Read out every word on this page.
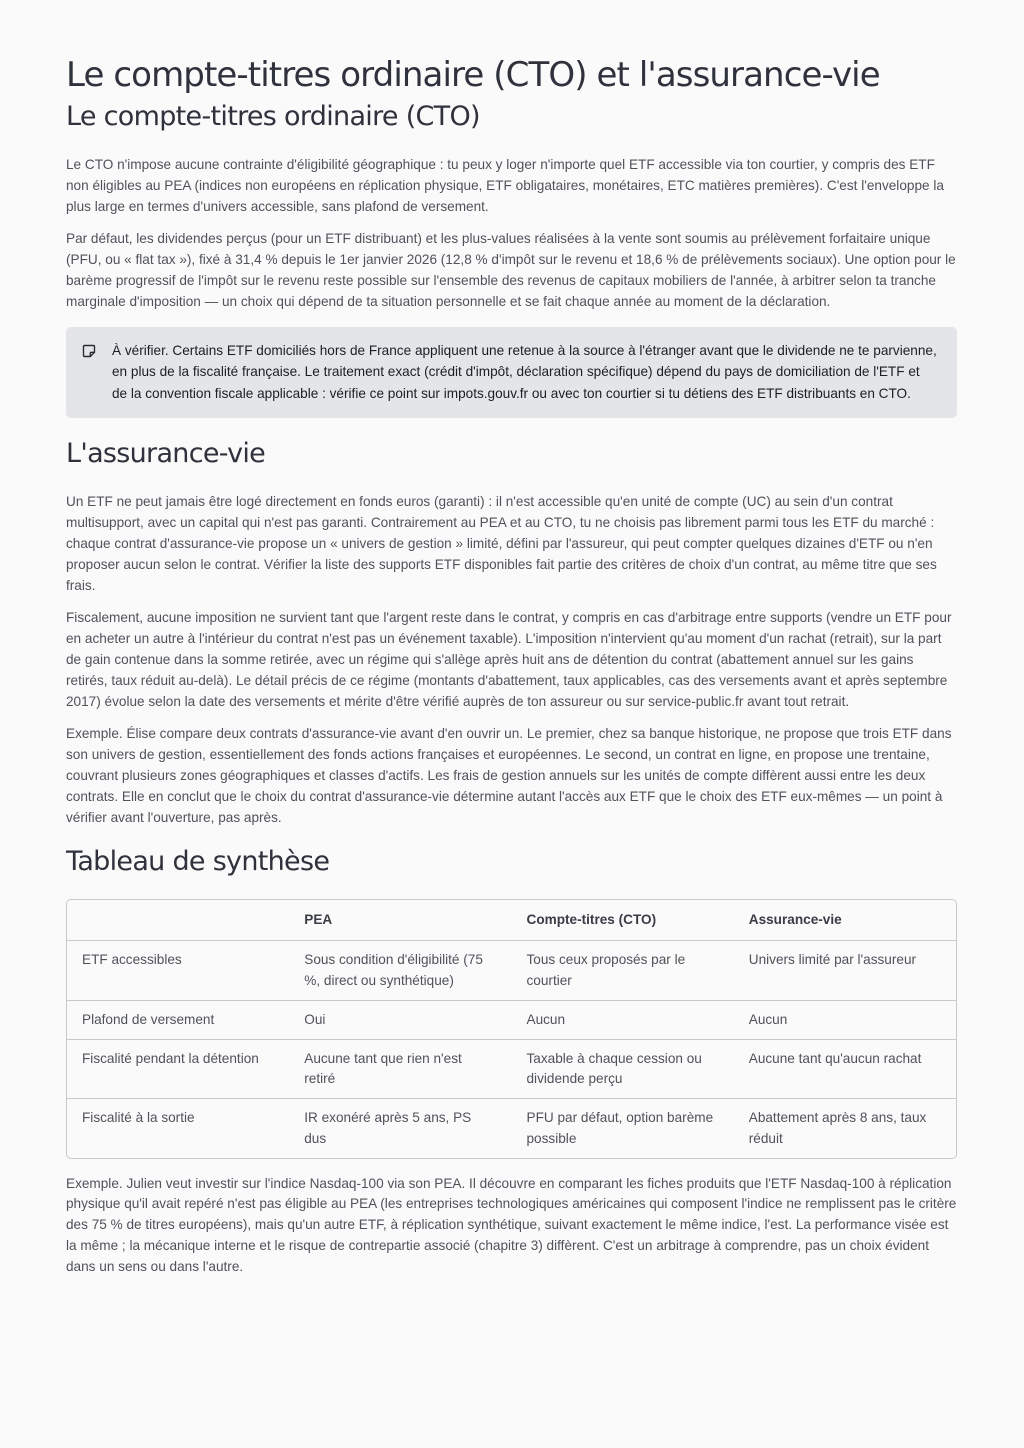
Le compte-titres ordinaire (CTO) et l'assurance-vie
Le compte-titres ordinaire (CTO)

Le CTO n'impose aucune contrainte d'éligibilité géographique : tu peux y loger n'importe quel ETF accessible via ton courtier, y compris des ETF non éligibles au PEA (indices non européens en réplication physique, ETF obligataires, monétaires, ETC matières premières). C'est l'enveloppe la plus large en termes d'univers accessible, sans plafond de versement.

Par défaut, les dividendes perçus (pour un ETF distribuant) et les plus-values réalisées à la vente sont soumis au prélèvement forfaitaire unique (PFU, ou « flat tax »), fixé à 31,4 % depuis le 1er janvier 2026 (12,8 % d'impôt sur le revenu et 18,6 % de prélèvements sociaux). Une option pour le barème progressif de l'impôt sur le revenu reste possible sur l'ensemble des revenus de capitaux mobiliers de l'année, à arbitrer selon ta tranche marginale d'imposition — un choix qui dépend de ta situation personnelle et se fait chaque année au moment de la déclaration.

À vérifier. Certains ETF domiciliés hors de France appliquent une retenue à la source à l'étranger avant que le dividende ne te parvienne, en plus de la fiscalité française. Le traitement exact (crédit d'impôt, déclaration spécifique) dépend du pays de domiciliation de l'ETF et de la convention fiscale applicable : vérifie ce point sur impots.gouv.fr ou avec ton courtier si tu détiens des ETF distribuants en CTO.

L'assurance-vie

Un ETF ne peut jamais être logé directement en fonds euros (garanti) : il n'est accessible qu'en unité de compte (UC) au sein d'un contrat multisupport, avec un capital qui n'est pas garanti. Contrairement au PEA et au CTO, tu ne choisis pas librement parmi tous les ETF du marché : chaque contrat d'assurance-vie propose un « univers de gestion » limité, défini par l'assureur, qui peut compter quelques dizaines d'ETF ou n'en proposer aucun selon le contrat. Vérifier la liste des supports ETF disponibles fait partie des critères de choix d'un contrat, au même titre que ses frais.

Fiscalement, aucune imposition ne survient tant que l'argent reste dans le contrat, y compris en cas d'arbitrage entre supports (vendre un ETF pour en acheter un autre à l'intérieur du contrat n'est pas un événement taxable). L'imposition n'intervient qu'au moment d'un rachat (retrait), sur la part de gain contenue dans la somme retirée, avec un régime qui s'allège après huit ans de détention du contrat (abattement annuel sur les gains retirés, taux réduit au-delà). Le détail précis de ce régime (montants d'abattement, taux applicables, cas des versements avant et après septembre 2017) évolue selon la date des versements et mérite d'être vérifié auprès de ton assureur ou sur service-public.fr avant tout retrait.

Exemple. Élise compare deux contrats d'assurance-vie avant d'en ouvrir un. Le premier, chez sa banque historique, ne propose que trois ETF dans son univers de gestion, essentiellement des fonds actions françaises et européennes. Le second, un contrat en ligne, en propose une trentaine, couvrant plusieurs zones géographiques et classes d'actifs. Les frais de gestion annuels sur les unités de compte diffèrent aussi entre les deux contrats. Elle en conclut que le choix du contrat d'assurance-vie détermine autant l'accès aux ETF que le choix des ETF eux-mêmes — un point à vérifier avant l'ouverture, pas après.

Tableau de synthèse
	PEA	Compte-titres (CTO)	Assurance-vie
ETF accessibles	Sous condition d'éligibilité (75 %, direct ou synthétique)	Tous ceux proposés par le courtier	Univers limité par l'assureur
Plafond de versement	Oui	Aucun	Aucun
Fiscalité pendant la détention	Aucune tant que rien n'est retiré	Taxable à chaque cession ou dividende perçu	Aucune tant qu'aucun rachat
Fiscalité à la sortie	IR exonéré après 5 ans, PS dus	PFU par défaut, option barème possible	Abattement après 8 ans, taux réduit

Exemple. Julien veut investir sur l'indice Nasdaq-100 via son PEA. Il découvre en comparant les fiches produits que l'ETF Nasdaq-100 à réplication physique qu'il avait repéré n'est pas éligible au PEA (les entreprises technologiques américaines qui composent l'indice ne remplissent pas le critère des 75 % de titres européens), mais qu'un autre ETF, à réplication synthétique, suivant exactement le même indice, l'est. La performance visée est la même ; la mécanique interne et le risque de contrepartie associé (chapitre 3) diffèrent. C'est un arbitrage à comprendre, pas un choix évident dans un sens ou dans l'autre.
